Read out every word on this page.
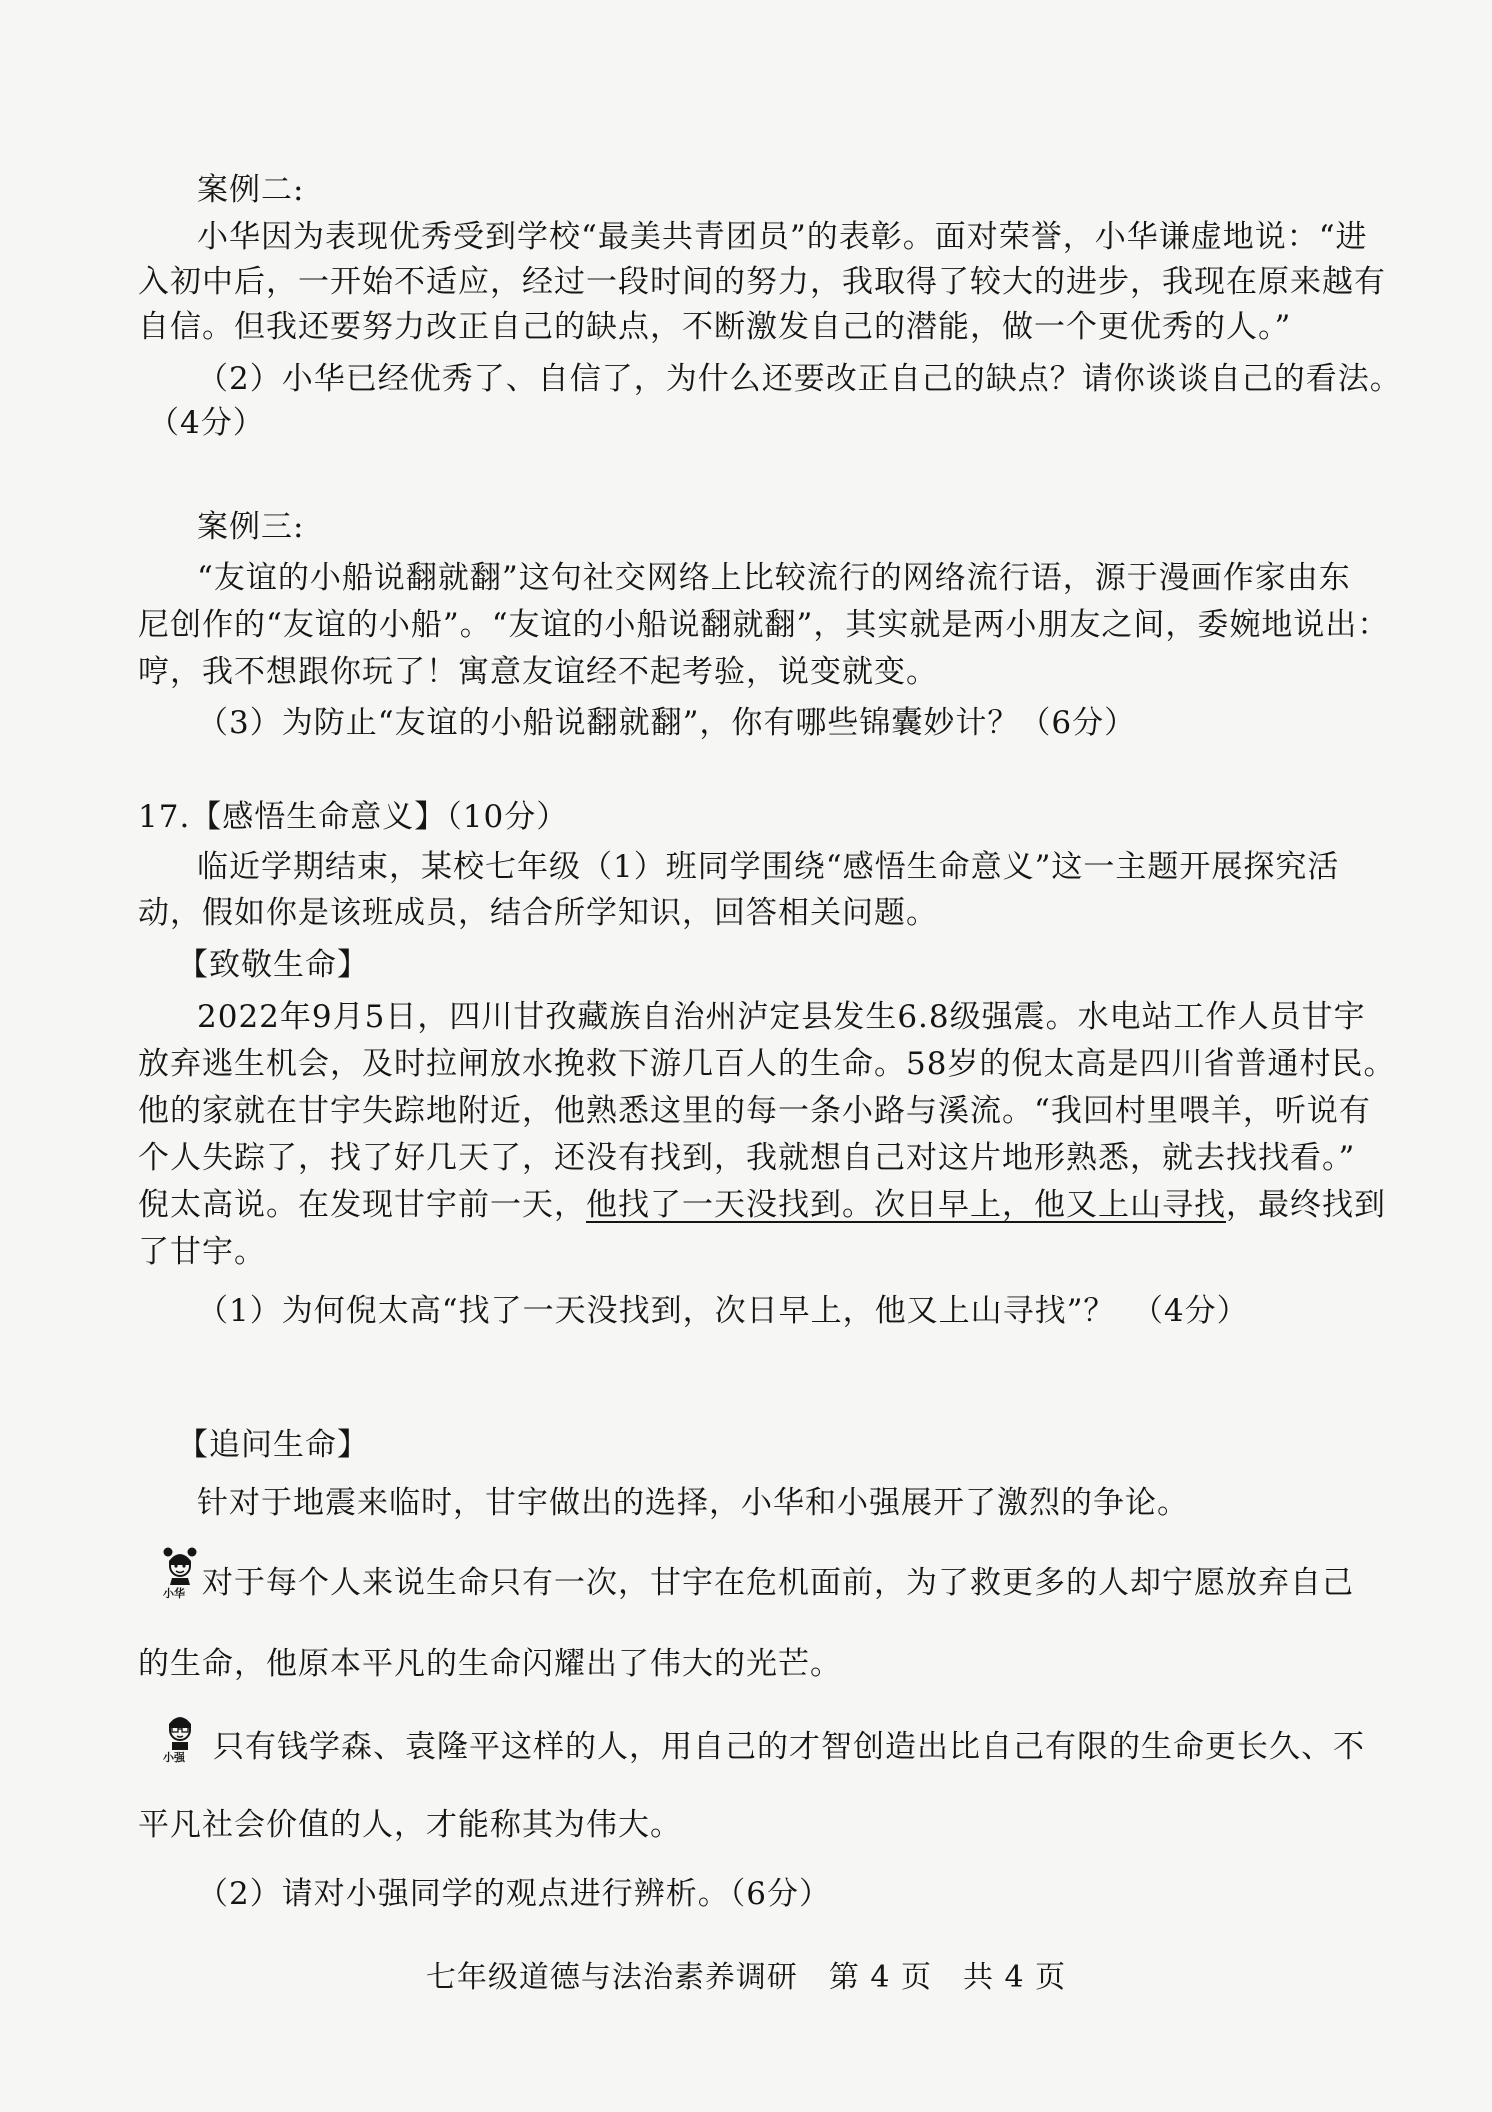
案例二:
小华因为表现优秀受到学校“最美共青团员”的表彰。面对荣誉，小华谦虚地说：“进
入初中后，一开始不适应，经过一段时间的努力，我取得了较大的进步，我现在原来越有
自信。但我还要努力改正自己的缺点，不断激发自己的潜能，做一个更优秀的人。”
（2）小华已经优秀了、自信了，为什么还要改正自己的缺点？请你谈谈自己的看法。
（4分）
案例三:
“友谊的小船说翻就翻”这句社交网络上比较流行的网络流行语，源于漫画作家由东
尼创作的“友谊的小船”。“友谊的小船说翻就翻”，其实就是两小朋友之间，委婉地说出：
哼，我不想跟你玩了！寓意友谊经不起考验，说变就变。
（3）为防止“友谊的小船说翻就翻”，你有哪些锦囊妙计？（6分）
17.【感悟生命意义】（10分）
临近学期结束，某校七年级（1）班同学围绕“感悟生命意义”这一主题开展探究活
动，假如你是该班成员，结合所学知识，回答相关问题。
【致敬生命】
2022年9月5日，四川甘孜藏族自治州泸定县发生6.8级强震。水电站工作人员甘宇
放弃逃生机会，及时拉闸放水挽救下游几百人的生命。58岁的倪太高是四川省普通村民。
他的家就在甘宇失踪地附近，他熟悉这里的每一条小路与溪流。“我回村里喂羊，听说有
个人失踪了，找了好几天了，还没有找到，我就想自己对这片地形熟悉，就去找找看。”
倪太高说。在发现甘宇前一天，他找了一天没找到。次日早上，他又上山寻找，最终找到
了甘宇。
（1）为何倪太高“找了一天没找到，次日早上，他又上山寻找”？　（4分）
【追问生命】
针对于地震来临时，甘宇做出的选择，小华和小强展开了激烈的争论。
小华 对于每个人来说生命只有一次，甘宇在危机面前，为了救更多的人却宁愿放弃自己
的生命，他原本平凡的生命闪耀出了伟大的光芒。
小强 只有钱学森、袁隆平这样的人，用自己的才智创造出比自己有限的生命更长久、不
平凡社会价值的人，才能称其为伟大。
（2）请对小强同学的观点进行辨析。（6分）
七年级道德与法治素养调研　第 4 页　共 4 页
